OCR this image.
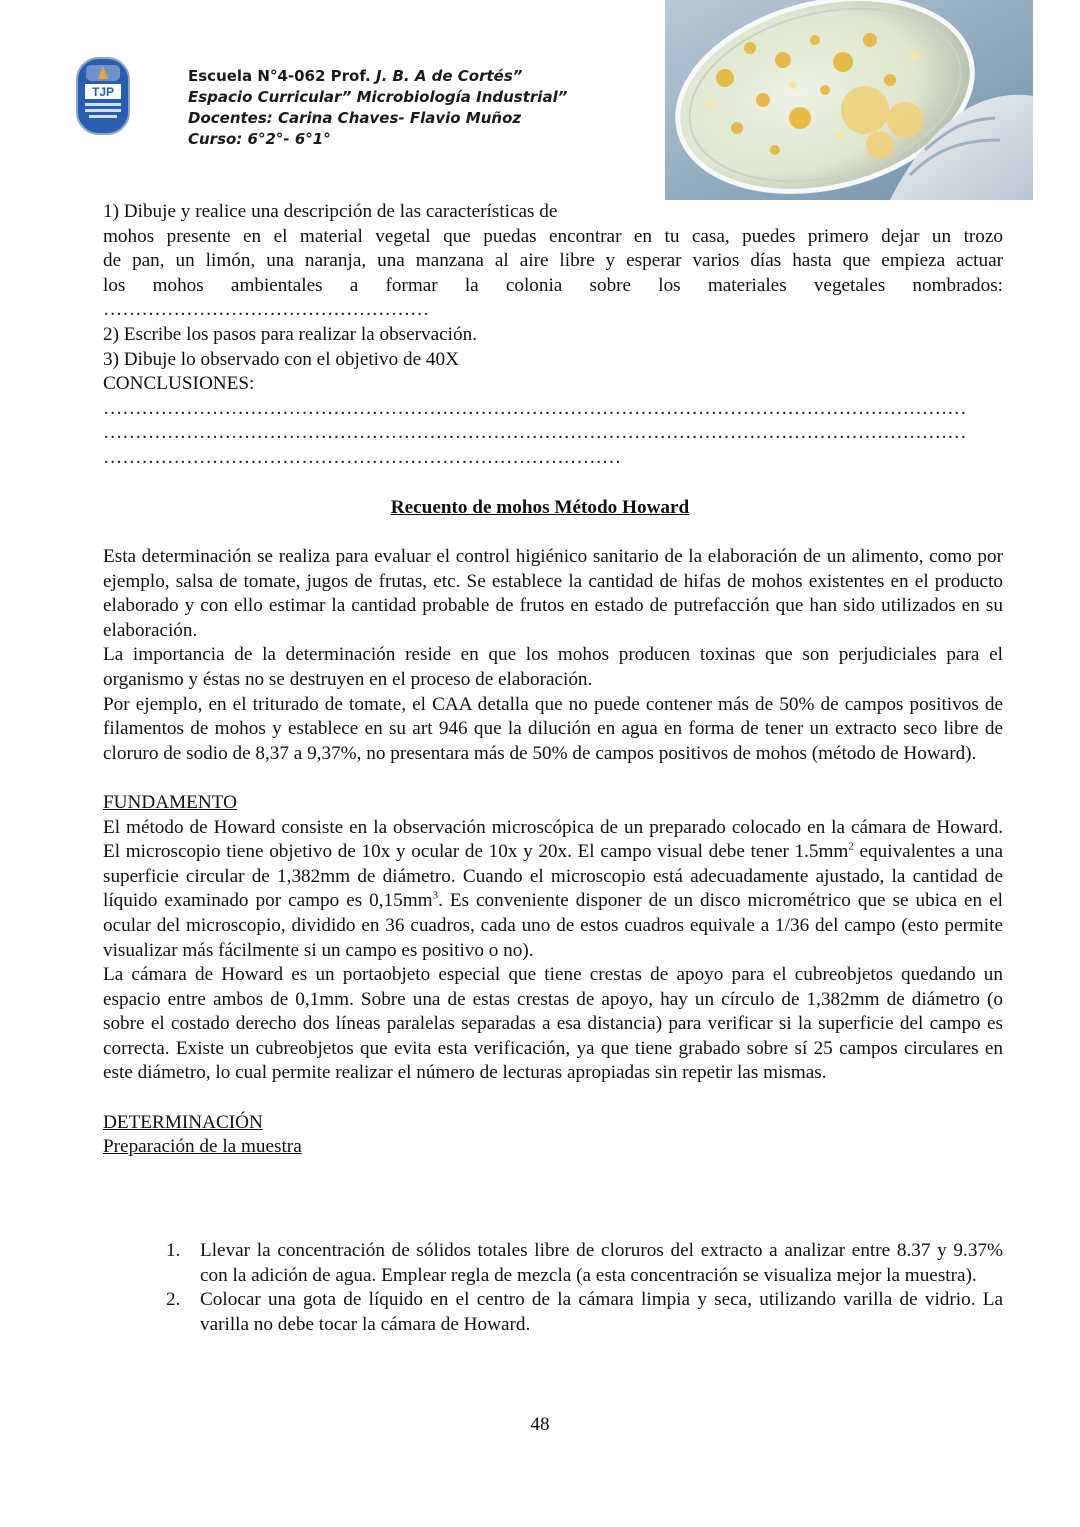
TJP
Escuela N°4-062 Prof. J. B. A de Cortés”
Espacio Curricular” Microbiología Industrial”
Docentes: Carina Chaves- Flavio Muñoz
Curso: 6°2°- 6°1°
1) Dibuje y realice una descripción de las características de
mohos presente en el material vegetal que puedas encontrar en tu casa, puedes primero dejar un trozo
de pan, un limón, una naranja, una manzana al aire libre y esperar varios días hasta que empieza actuar
los mohos ambientales a formar la colonia sobre los materiales vegetales nombrados:
……………………………………………
2) Escribe los pasos para realizar la observación.
3) Dibuje lo observado con el objetivo de 40X
CONCLUSIONES:
………………………………………………………………………………………………………………………
………………………………………………………………………………………………………………………
………………………………………………………………………
Recuento de mohos Método Howard
Esta determinación se realiza para evaluar el control higiénico sanitario de la elaboración de un alimento, como por ejemplo, salsa de tomate, jugos de frutas, etc. Se establece la cantidad de hifas de mohos existentes en el producto elaborado y con ello estimar la cantidad probable de frutos en estado de putrefacción que han sido utilizados en su elaboración.
La importancia de la determinación reside en que los mohos producen toxinas que son perjudiciales para el organismo y éstas no se destruyen en el proceso de elaboración.
Por ejemplo, en el triturado de tomate, el CAA detalla que no puede contener más de 50% de campos positivos de filamentos de mohos y establece en su art 946 que la dilución en agua en forma de tener un extracto seco libre de cloruro de sodio de 8,37 a 9,37%, no presentara más de 50% de campos positivos de mohos (método de Howard).
FUNDAMENTO
El método de Howard consiste en la observación microscópica de un preparado colocado en la cámara de Howard. El microscopio tiene objetivo de 10x y ocular de 10x y 20x. El campo visual debe tener $1.5mm^2$ equivalentes a una superficie circular de 1,382mm de diámetro. Cuando el microscopio está adecuadamente ajustado, la cantidad de líquido examinado por campo es $0,15mm^3$. Es conveniente disponer de un disco micrométrico que se ubica en el ocular del microscopio, dividido en 36 cuadros, cada uno de estos cuadros equivale a 1/36 del campo (esto permite visualizar más fácilmente si un campo es positivo o no).
La cámara de Howard es un portaobjeto especial que tiene crestas de apoyo para el cubreobjetos quedando un espacio entre ambos de 0,1mm. Sobre una de estas crestas de apoyo, hay un círculo de 1,382mm de diámetro (o sobre el costado derecho dos líneas paralelas separadas a esa distancia) para verificar si la superficie del campo es correcta. Existe un cubreobjetos que evita esta verificación, ya que tiene grabado sobre sí 25 campos circulares en este diámetro, lo cual permite realizar el número de lecturas apropiadas sin repetir las mismas.
DETERMINACIÓN
Preparación de la muestra
1. Llevar la concentración de sólidos totales libre de cloruros del extracto a analizar entre 8.37 y 9.37% con la adición de agua. Emplear regla de mezcla (a esta concentración se visualiza mejor la muestra).
2. Colocar una gota de líquido en el centro de la cámara limpia y seca, utilizando varilla de vidrio. La varilla no debe tocar la cámara de Howard.
48
